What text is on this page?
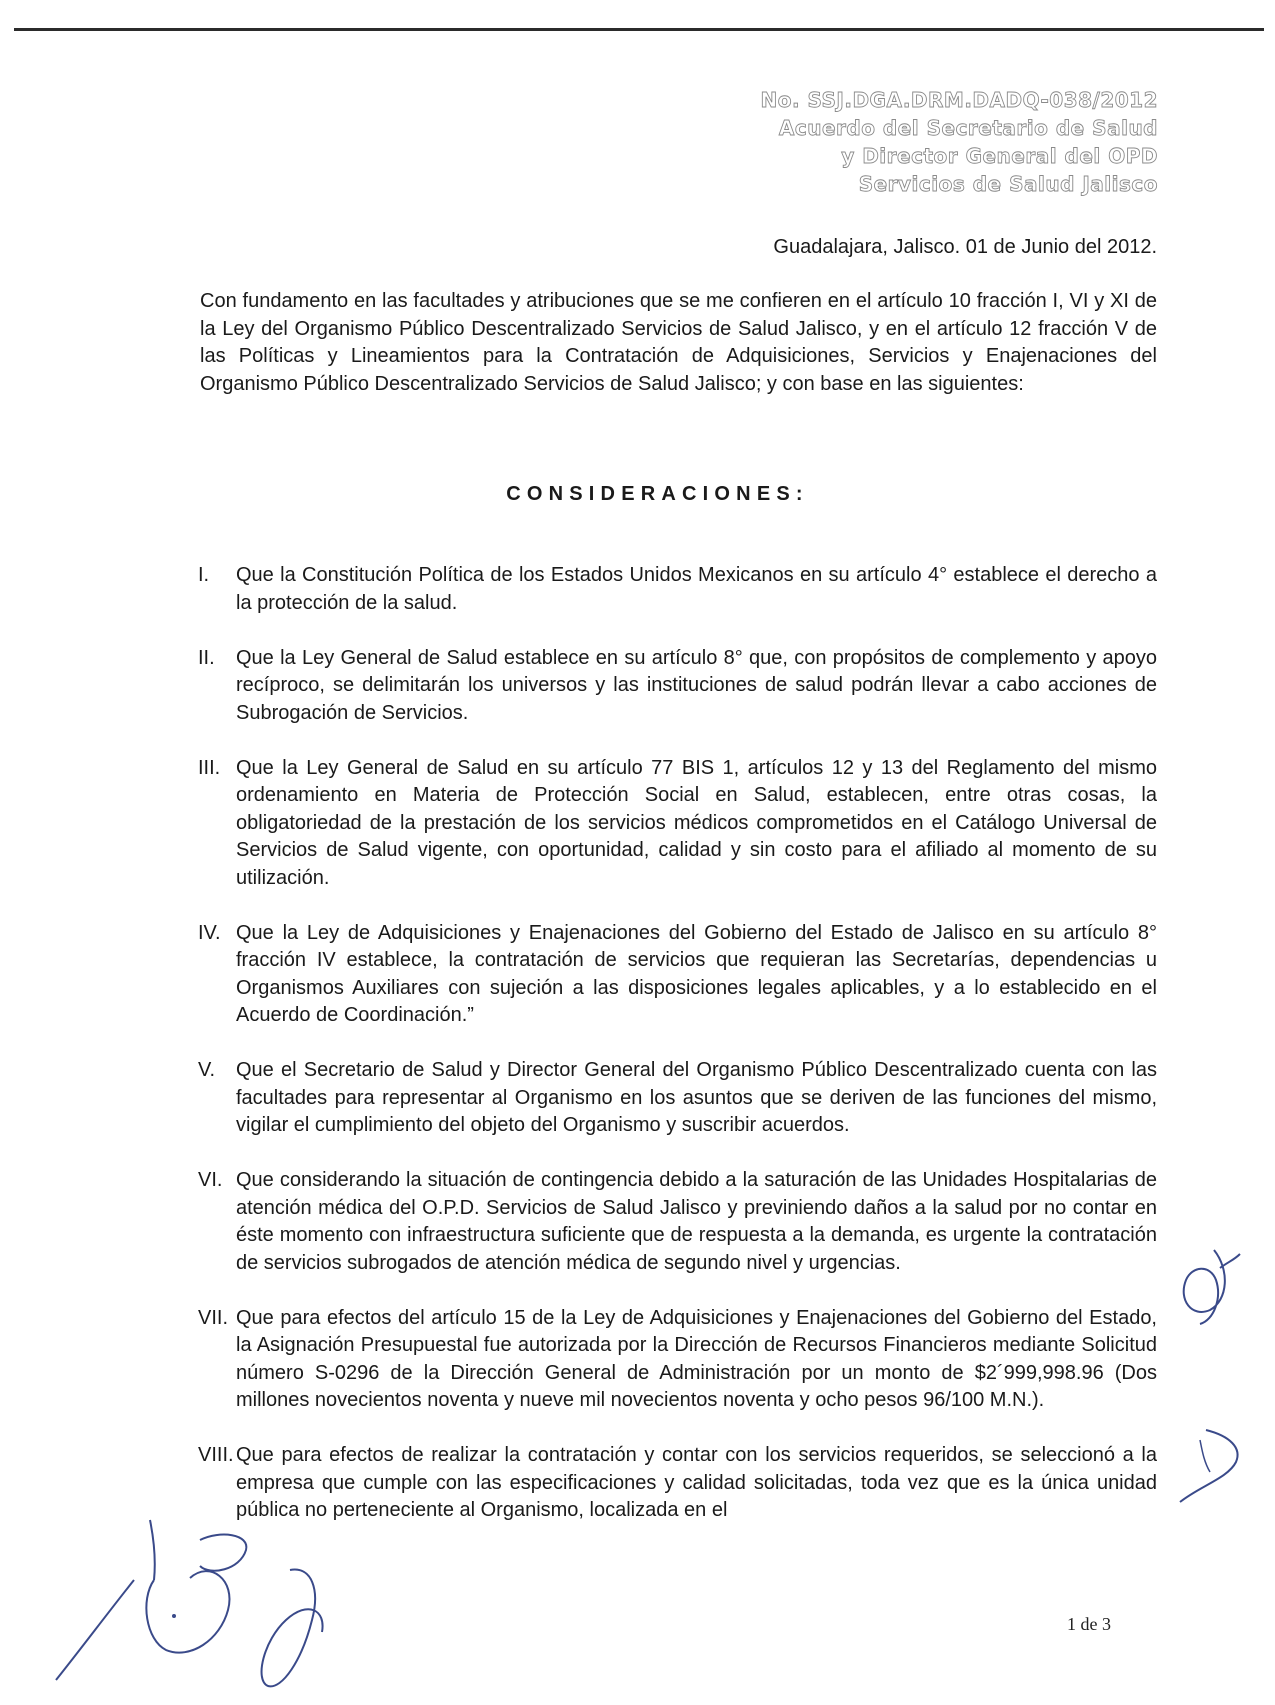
No. SSJ.DGA.DRM.DADQ-038/2012
Acuerdo del Secretario de Salud
y Director General del OPD
Servicios de Salud Jalisco
Guadalajara, Jalisco. 01 de Junio del 2012.
Con fundamento en las facultades y atribuciones que se me confieren en el artículo 10 fracción I, VI y XI de la Ley del Organismo Público Descentralizado Servicios de Salud Jalisco, y en el artículo 12 fracción V de las Políticas y Lineamientos para la Contratación de Adquisiciones, Servicios y Enajenaciones del Organismo Público Descentralizado Servicios de Salud Jalisco; y con base en las siguientes:
CONSIDERACIONES:
I. Que la Constitución Política de los Estados Unidos Mexicanos en su artículo 4° establece el derecho a la protección de la salud.
II. Que la Ley General de Salud establece en su artículo 8° que, con propósitos de complemento y apoyo recíproco, se delimitarán los universos y las instituciones de salud podrán llevar a cabo acciones de Subrogación de Servicios.
III. Que la Ley General de Salud en su artículo 77 BIS 1, artículos 12 y 13 del Reglamento del mismo ordenamiento en Materia de Protección Social en Salud, establecen, entre otras cosas, la obligatoriedad de la prestación de los servicios médicos comprometidos en el Catálogo Universal de Servicios de Salud vigente, con oportunidad, calidad y sin costo para el afiliado al momento de su utilización.
IV. Que la Ley de Adquisiciones y Enajenaciones del Gobierno del Estado de Jalisco en su artículo 8° fracción IV establece, la contratación de servicios que requieran las Secretarías, dependencias u Organismos Auxiliares con sujeción a las disposiciones legales aplicables, y a lo establecido en el Acuerdo de Coordinación.”
V. Que el Secretario de Salud y Director General del Organismo Público Descentralizado cuenta con las facultades para representar al Organismo en los asuntos que se deriven de las funciones del mismo, vigilar el cumplimiento del objeto del Organismo y suscribir acuerdos.
VI. Que considerando la situación de contingencia debido a la saturación de las Unidades Hospitalarias de atención médica del O.P.D. Servicios de Salud Jalisco y previniendo daños a la salud por no contar en éste momento con infraestructura suficiente que de respuesta a la demanda, es urgente la contratación de servicios subrogados de atención médica de segundo nivel y urgencias.
VII. Que para efectos del artículo 15 de la Ley de Adquisiciones y Enajenaciones del Gobierno del Estado, la Asignación Presupuestal fue autorizada por la Dirección de Recursos Financieros mediante Solicitud número S-0296 de la Dirección General de Administración por un monto de $2´999,998.96 (Dos millones novecientos noventa y nueve mil novecientos noventa y ocho pesos 96/100 M.N.).
VIII. Que para efectos de realizar la contratación y contar con los servicios requeridos, se seleccionó a la empresa que cumple con las especificaciones y calidad solicitadas, toda vez que es la única unidad pública no perteneciente al Organismo, localizada en el
1 de 3
